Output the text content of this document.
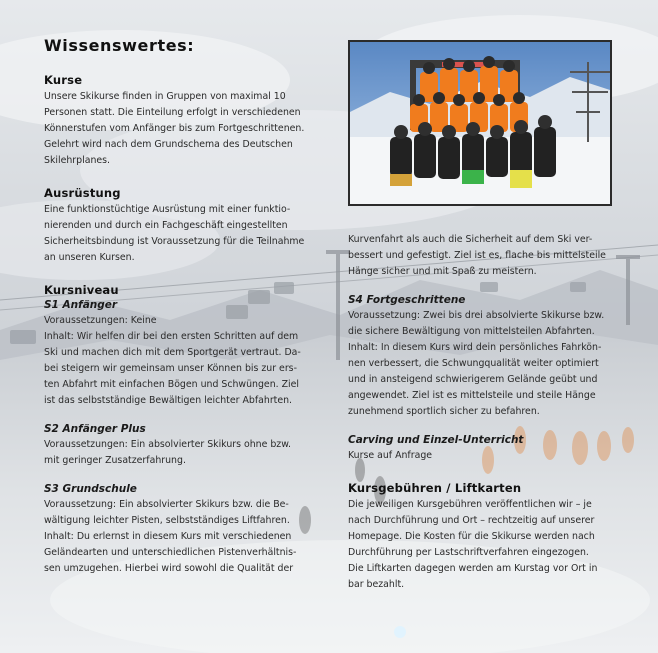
Wissenswertes:
Kurse

Unsere Skikurse finden in Gruppen von maximal 10
Personen statt. Die Einteilung erfolgt in verschiedenen
Könnerstufen vom Anfänger bis zum Fortgeschrittenen.
Gelehrt wird nach dem Grundschema des Deutschen
Skilehrplanes.

Ausrüstung

Eine funktionstüchtige Ausrüstung mit einer funktio-
nierenden und durch ein Fachgeschäft eingestellten
Sicherheitsbindung ist Voraussetzung für die Teilnahme
an unseren Kursen.

Kursniveau
S1 Anfänger

Voraussetzungen: Keine
Inhalt: Wir helfen dir bei den ersten Schritten auf dem
Ski und machen dich mit dem Sportgerät vertraut. Da-
bei steigern wir gemeinsam unser Können bis zur ers-
ten Abfahrt mit einfachen Bögen und Schwüngen. Ziel
ist das selbstständige Bewältigen leichter Abfahrten.

S2 Anfänger Plus

Voraussetzungen: Ein absolvierter Skikurs ohne bzw.
mit geringer Zusatzerfahrung.

S3 Grundschule

Voraussetzung: Ein absolvierter Skikurs bzw. die Be-
wältigung leichter Pisten, selbstständiges Liftfahren.
Inhalt: Du erlernst in diesem Kurs mit verschiedenen
Geländearten und unterschiedlichen Pistenverhältnis-
sen umzugehen. Hierbei wird sowohl die Qualität der

Kurvenfahrt als auch die Sicherheit auf dem Ski ver-
bessert und gefestigt. Ziel ist es, flache bis mittelsteile
Hänge sicher und mit Spaß zu meistern.

S4 Fortgeschrittene

Voraussetzung: Zwei bis drei absolvierte Skikurse bzw.
die sichere Bewältigung von mittelsteilen Abfahrten.
Inhalt: In diesem Kurs wird dein persönliches Fahrkön-
nen verbessert, die Schwungqualität weiter optimiert
und in ansteigend schwierigerem Gelände geübt und
angewendet. Ziel ist es mittelsteile und steile Hänge
zunehmend sportlich sicher zu befahren.

Carving und Einzel-Unterricht

Kurse auf Anfrage

Kursgebühren / Liftkarten

Die jeweiligen Kursgebühren veröffentlichen wir – je
nach Durchführung und Ort – rechtzeitig auf unserer
Homepage. Die Kosten für die Skikurse werden nach
Durchführung per Lastschriftverfahren eingezogen.
Die Liftkarten dagegen werden am Kurstag vor Ort in
bar bezahlt.
